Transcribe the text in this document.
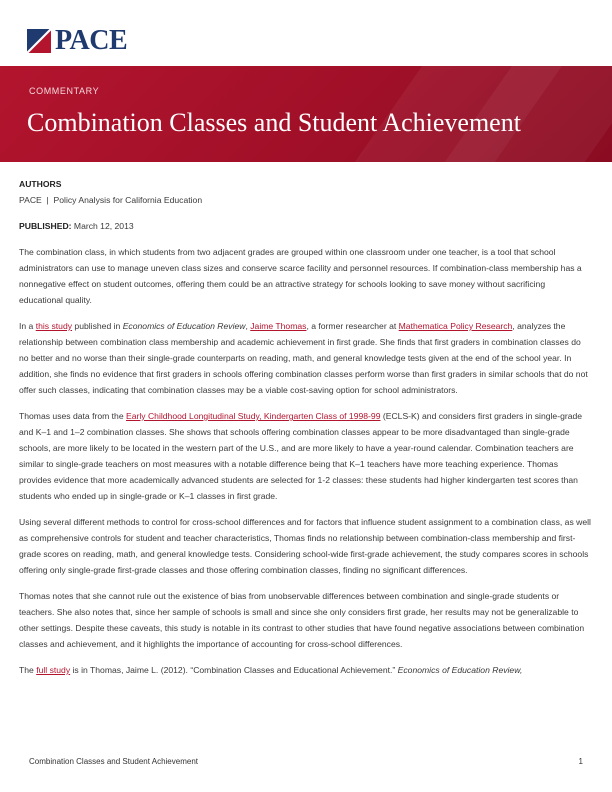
PACE
COMMENTARY
Combination Classes and Student Achievement
AUTHORS
PACE  |  Policy Analysis for California Education
PUBLISHED: March 12, 2013

The combination class, in which students from two adjacent grades are grouped within one classroom under one teacher, is a tool that school administrators can use to manage uneven class sizes and conserve scarce facility and personnel resources. If combination-class membership has a nonnegative effect on student outcomes, offering them could be an attractive strategy for schools looking to save money without sacrificing educational quality.

In a this study published in Economics of Education Review, Jaime Thomas, a former researcher at Mathematica Policy Research, analyzes the relationship between combination class membership and academic achievement in first grade. She finds that first graders in combination classes do no better and no worse than their single-grade counterparts on reading, math, and general knowledge tests given at the end of the school year. In addition, she finds no evidence that first graders in schools offering combination classes perform worse than first graders in similar schools that do not offer such classes, indicating that combination classes may be a viable cost-saving option for school administrators.

Thomas uses data from the Early Childhood Longitudinal Study, Kindergarten Class of 1998-99 (ECLS-K) and considers first graders in single-grade and K–1 and 1–2 combination classes. She shows that schools offering combination classes appear to be more disadvantaged than single-grade schools, are more likely to be located in the western part of the U.S., and are more likely to have a year-round calendar. Combination teachers are similar to single-grade teachers on most measures with a notable difference being that K–1 teachers have more teaching experience. Thomas provides evidence that more academically advanced students are selected for 1-2 classes: these students had higher kindergarten test scores than students who ended up in single-grade or K–1 classes in first grade.

Using several different methods to control for cross-school differences and for factors that influence student assignment to a combination class, as well as comprehensive controls for student and teacher characteristics, Thomas finds no relationship between combination-class membership and first-grade scores on reading, math, and general knowledge tests. Considering school-wide first-grade achievement, the study compares scores in schools offering only single-grade first-grade classes and those offering combination classes, finding no significant differences.

Thomas notes that she cannot rule out the existence of bias from unobservable differences between combination and single-grade students or teachers. She also notes that, since her sample of schools is small and since she only considers first grade, her results may not be generalizable to other settings. Despite these caveats, this study is notable in its contrast to other studies that have found negative associations between combination classes and achievement, and it highlights the importance of accounting for cross-school differences.

The full study is in Thomas, Jaime L. (2012). “Combination Classes and Educational Achievement.” Economics of Education Review,

Combination Classes and Student Achievement	1
